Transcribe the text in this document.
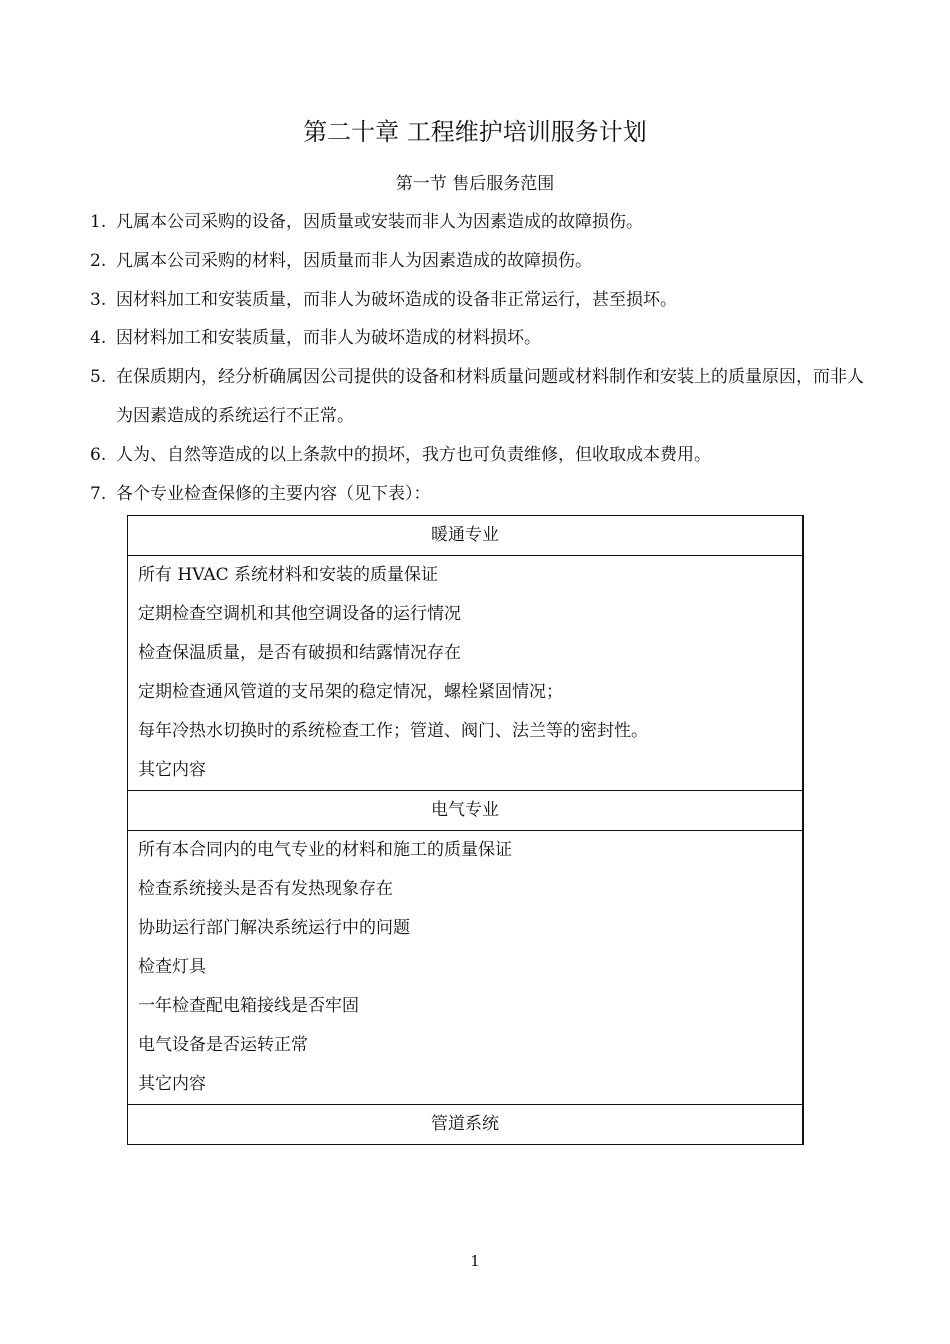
第二十章 工程维护培训服务计划
第一节 售后服务范围
1. 凡属本公司采购的设备，因质量或安装而非人为因素造成的故障损伤。
2. 凡属本公司采购的材料，因质量而非人为因素造成的故障损伤。
3. 因材料加工和安装质量，而非人为破坏造成的设备非正常运行，甚至损坏。
4. 因材料加工和安装质量，而非人为破坏造成的材料损坏。
5. 在保质期内，经分析确属因公司提供的设备和材料质量问题或材料制作和安装上的质量原因，而非人为因素造成的系统运行不正常。
6. 人为、自然等造成的以上条款中的损坏，我方也可负责维修，但收取成本费用。
7. 各个专业检查保修的主要内容（见下表）：
暖通专业
所有 HVAC 系统材料和安装的质量保证
定期检查空调机和其他空调设备的运行情况
检查保温质量，是否有破损和结露情况存在
定期检查通风管道的支吊架的稳定情况，螺栓紧固情况；
每年冷热水切换时的系统检查工作；管道、阀门、法兰等的密封性。
其它内容
电气专业
所有本合同内的电气专业的材料和施工的质量保证
检查系统接头是否有发热现象存在
协助运行部门解决系统运行中的问题
检查灯具
一年检查配电箱接线是否牢固
电气设备是否运转正常
其它内容
管道系统
1
